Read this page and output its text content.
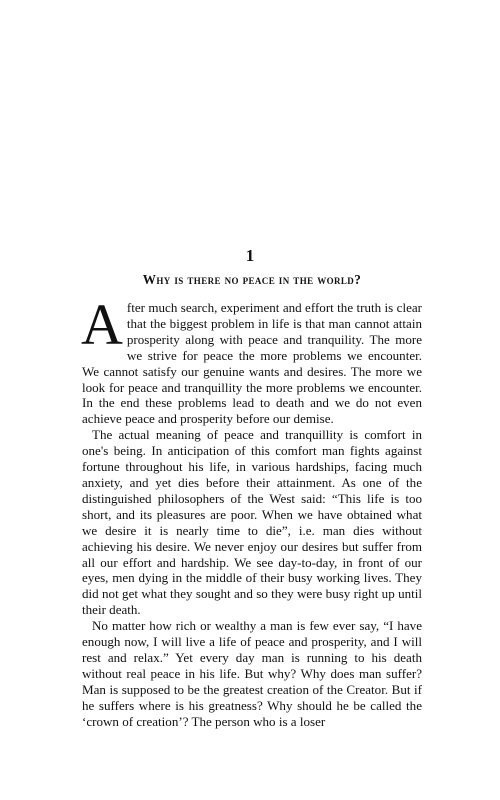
1
Why is there no peace in the world?

After much search, experiment and effort the truth is clear that the biggest problem in life is that man cannot attain prosperity along with peace and tranquility. The more we strive for peace the more problems we encounter. We cannot satisfy our genuine wants and desires. The more we look for peace and tranquillity the more problems we encounter. In the end these problems lead to death and we do not even achieve peace and prosperity before our demise.

The actual meaning of peace and tranquillity is comfort in one's being. In anticipation of this comfort man fights against fortune throughout his life, in various hardships, facing much anxiety, and yet dies before their attainment. As one of the distinguished philosophers of the West said: “This life is too short, and its pleasures are poor. When we have obtained what we desire it is nearly time to die”, i.e. man dies without achieving his desire. We never enjoy our desires but suffer from all our effort and hardship. We see day-to-day, in front of our eyes, men dying in the middle of their busy working lives. They did not get what they sought and so they were busy right up until their death.

No matter how rich or wealthy a man is few ever say, “I have enough now, I will live a life of peace and prosperity, and I will rest and relax.” Yet every day man is running to his death without real peace in his life. But why? Why does man suffer? Man is supposed to be the greatest creation of the Creator. But if he suffers where is his greatness? Why should he be called the ‘crown of creation’? The person who is a loser
